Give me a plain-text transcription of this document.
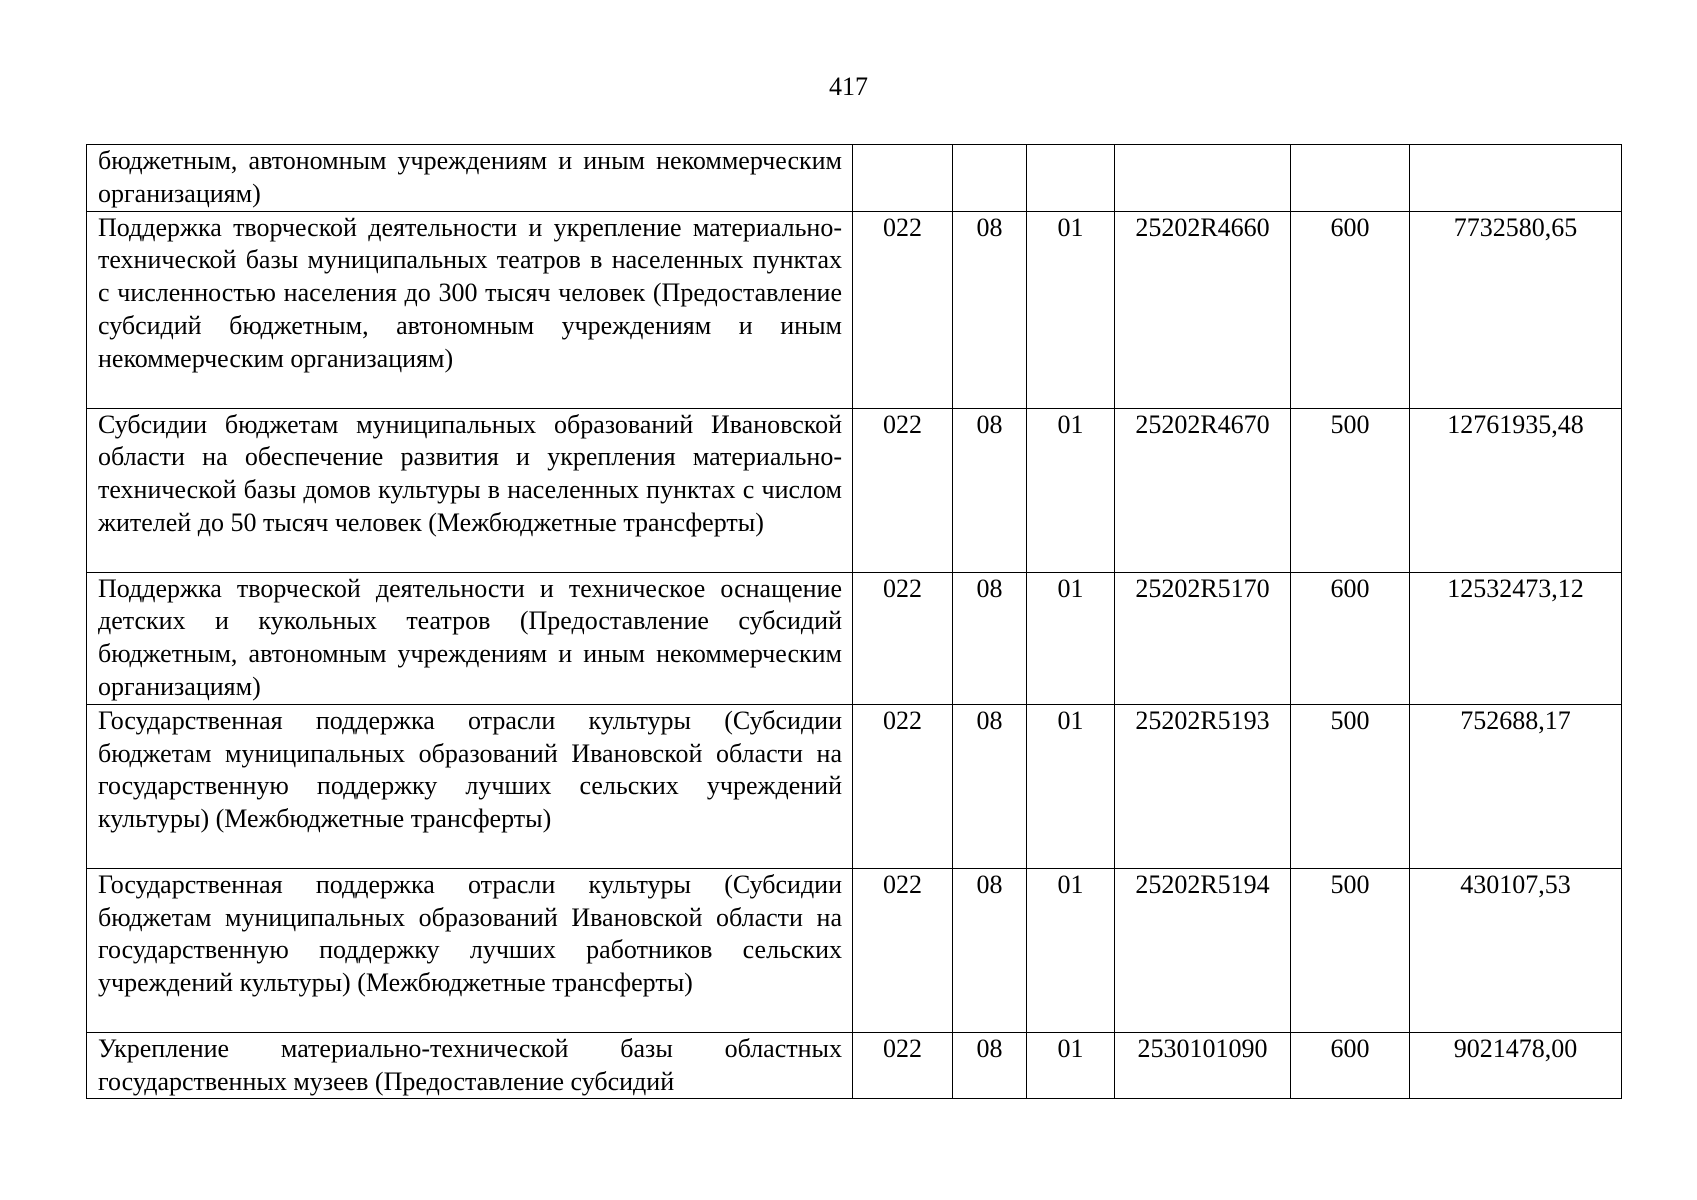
417
бюджетным, автономным учреждениям и иным некоммерческим организациям)						
Поддержка творческой деятельности и укрепление материально-технической базы муниципальных театров в населенных пунктах с численностью населения до 300 тысяч человек (Предоставление субсидий бюджетным, автономным учреждениям и иным некоммерческим организациям)	022	08	01	25202R4660	600	7732580,65
Субсидии бюджетам муниципальных образований Ивановской области на обеспечение развития и укрепления материально-технической базы домов культуры в населенных пунктах с числом жителей до 50 тысяч человек (Межбюджетные трансферты)	022	08	01	25202R4670	500	12761935,48
Поддержка творческой деятельности и техническое оснащение детских и кукольных театров (Предоставление субсидий бюджетным, автономным учреждениям и иным некоммерческим организациям)	022	08	01	25202R5170	600	12532473,12
Государственная поддержка отрасли культуры (Субсидии бюджетам муниципальных образований Ивановской области на государственную поддержку лучших сельских учреждений культуры) (Межбюджетные трансферты)	022	08	01	25202R5193	500	752688,17
Государственная поддержка отрасли культуры (Субсидии бюджетам муниципальных образований Ивановской области на государственную поддержку лучших работников сельских учреждений культуры) (Межбюджетные трансферты)	022	08	01	25202R5194	500	430107,53
Укрепление материально-технической базы областных государственных музеев (Предоставление субсидий	022	08	01	2530101090	600	9021478,00
